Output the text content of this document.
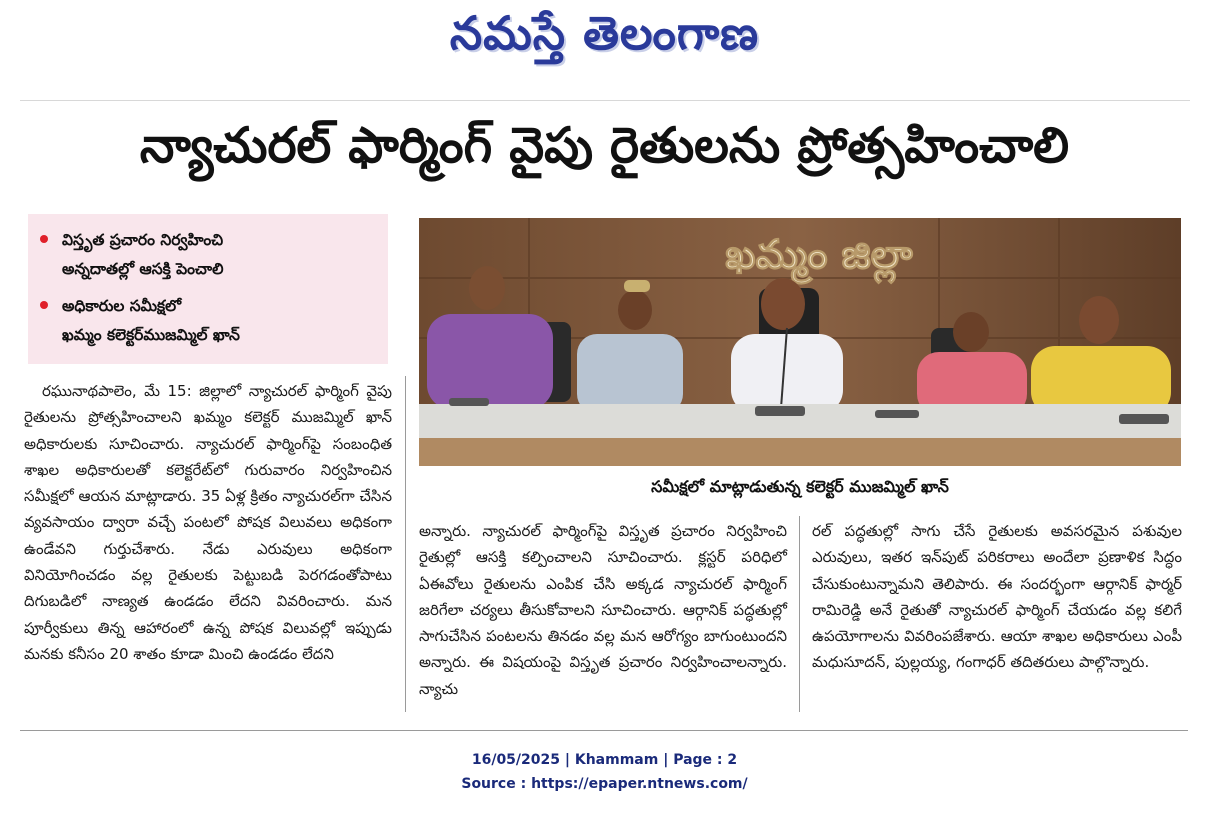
నమస్తే తెలంగాణ
న్యాచురల్ ఫార్మింగ్ వైపు రైతులను ప్రోత్సహించాలి
విస్తృత ప్రచారం నిర్వహించి
అన్నదాతల్లో ఆసక్తి పెంచాలి
అధికారుల సమీక్షలో
ఖమ్మం కలెక్టర్‌ముజమ్మిల్ ఖాన్
ఖమ్మం జిల్లా
సమీక్షలో మాట్లాడుతున్న కలెక్టర్ ముజమ్మిల్ ఖాన్
రఘునాథపాలెం, మే 15: జిల్లాలో న్యాచురల్ ఫార్మింగ్ వైపు రైతులను ప్రోత్సహించాలని ఖమ్మం కలెక్టర్ ముజమ్మిల్ ఖాన్ అధికారులకు సూచించారు. న్యాచురల్ ఫార్మింగ్‌పై సంబంధిత శాఖల అధికారులతో కలెక్టరేట్‌లో గురువారం నిర్వహించిన సమీక్షలో ఆయన మాట్లాడారు. 35 ఏళ్ల క్రితం న్యాచురల్‌గా చేసిన వ్యవసాయం ద్వారా వచ్చే పంటలో పోషక విలువలు అధికంగా ఉండేవని గుర్తుచేశారు. నేడు ఎరువులు అధికంగా వినియోగించడం వల్ల రైతులకు పెట్టుబడి పెరగడంతోపాటు దిగుబడిలో నాణ్యత ఉండడం లేదని వివరించారు. మన పూర్వీకులు తిన్న ఆహారంలో ఉన్న పోషక విలువల్లో ఇప్పుడు మనకు కనీసం 20 శాతం కూడా మించి ఉండడం లేదని
అన్నారు. న్యాచురల్ ఫార్మింగ్‌పై విస్తృత ప్రచారం నిర్వహించి రైతుల్లో ఆసక్తి కల్పించాలని సూచించారు. క్లస్టర్ పరిధిలో ఏఈవోలు రైతులను ఎంపిక చేసి అక్కడ న్యాచురల్ ఫార్మింగ్ జరిగేలా చర్యలు తీసుకోవాలని సూచించారు. ఆర్గానిక్ పద్ధతుల్లో సాగుచేసిన పంటలను తినడం వల్ల మన ఆరోగ్యం బాగుంటుందని అన్నారు. ఈ విషయంపై విస్తృత ప్రచారం నిర్వహించాలన్నారు. న్యాచు
రల్ పద్ధతుల్లో సాగు చేసే రైతులకు అవసరమైన పశువుల ఎరువులు, ఇతర ఇన్‌పుట్ పరికరాలు అందేలా ప్రణాళిక సిద్ధం చేసుకుంటున్నామని తెలిపారు. ఈ సందర్భంగా ఆర్గానిక్ ఫార్మర్ రామిరెడ్డి అనే రైతుతో న్యాచురల్ ఫార్మింగ్ చేయడం వల్ల కలిగే ఉపయోగాలను వివరింపజేశారు. ఆయా శాఖల అధికారులు ఎంపీ మధుసూదన్, పుల్లయ్య, గంగాధర్ తదితరులు పాల్గొన్నారు.
16/05/2025 | Khammam | Page : 2
Source : https://epaper.ntnews.com/
